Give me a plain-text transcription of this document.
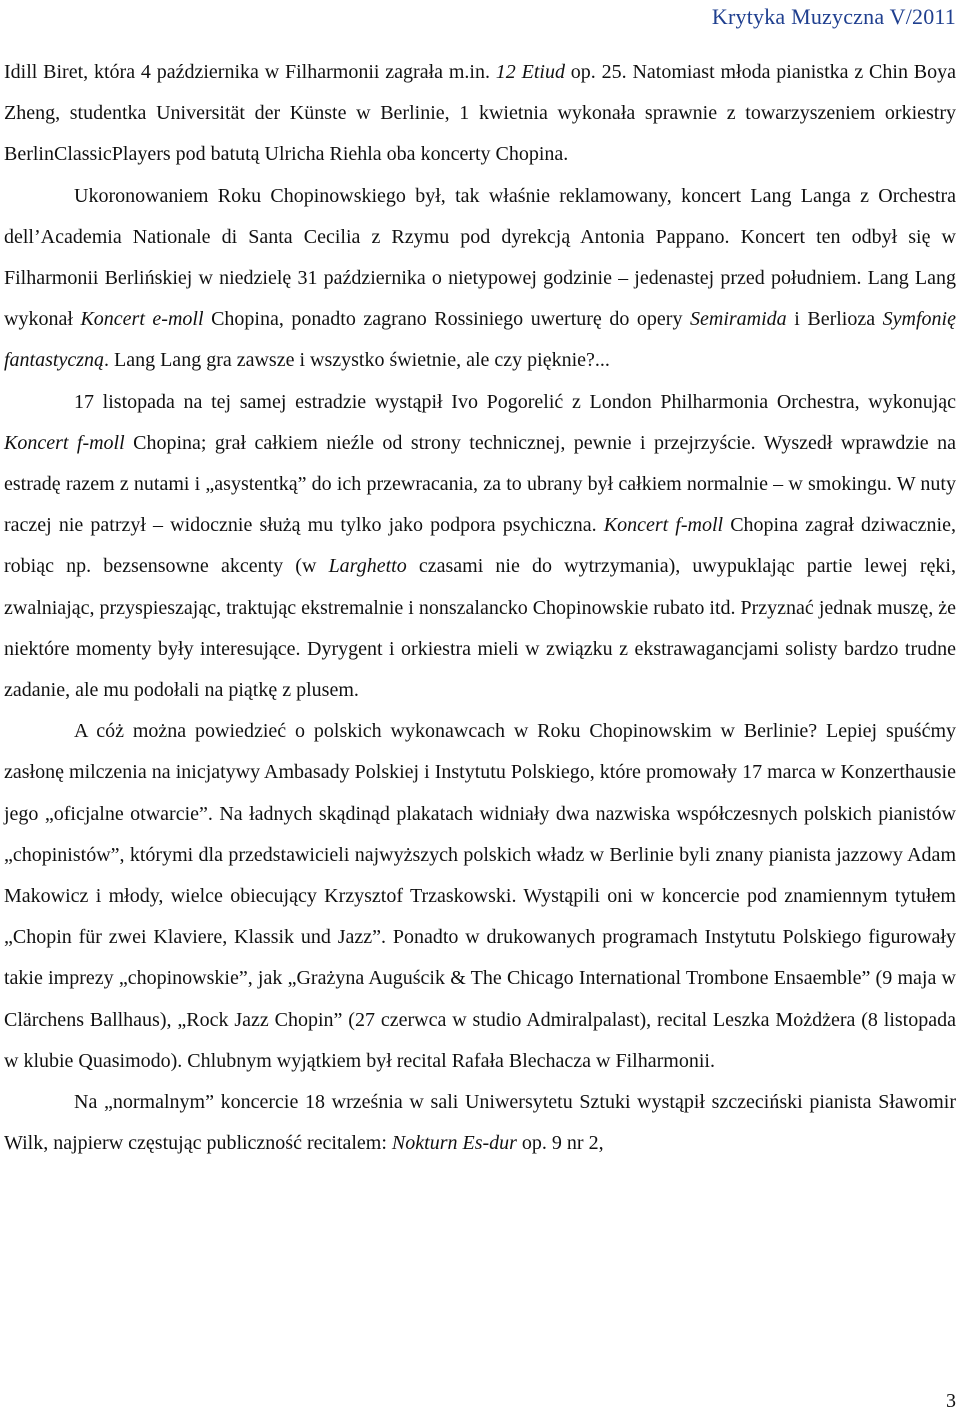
Krytyka Muzyczna V/2011

Idill Biret, która 4 października w Filharmonii zagrała m.in. 12 Etiud op. 25. Natomiast młoda pianistka z Chin Boya Zheng, studentka Universität der Künste w Berlinie, 1 kwietnia wykonała sprawnie z towarzyszeniem orkiestry BerlinClassicPlayers pod batutą Ulricha Riehla oba koncerty Chopina.

Ukoronowaniem Roku Chopinowskiego był, tak właśnie reklamowany, koncert Lang Langa z Orchestra dell’Academia Nationale di Santa Cecilia z Rzymu pod dyrekcją Antonia Pappano. Koncert ten odbył się w Filharmonii Berlińskiej w niedzielę 31 października o nietypowej godzinie – jedenastej przed południem. Lang Lang wykonał Koncert e-moll Chopina, ponadto zagrano Rossiniego uwerturę do opery Semiramida i Berlioza Symfonię fantastyczną. Lang Lang gra zawsze i wszystko świetnie, ale czy pięknie?...

17 listopada na tej samej estradzie wystąpił Ivo Pogorelić z London Philharmonia Orchestra, wykonując Koncert f-moll Chopina; grał całkiem nieźle od strony technicznej, pewnie i przejrzyście. Wyszedł wprawdzie na estradę razem z nutami i „asystentką” do ich przewracania, za to ubrany był całkiem normalnie – w smokingu. W nuty raczej nie patrzył – widocznie służą mu tylko jako podpora psychiczna. Koncert f-moll Chopina zagrał dziwacznie, robiąc np. bezsensowne akcenty (w Larghetto czasami nie do wytrzymania), uwypuklając partie lewej ręki, zwalniając, przyspieszając, traktując ekstremalnie i nonszalancko Chopinowskie rubato itd. Przyznać jednak muszę, że niektóre momenty były interesujące. Dyrygent i orkiestra mieli w związku z ekstrawagancjami solisty bardzo trudne zadanie, ale mu podołali na piątkę z plusem.

A cóż można powiedzieć o polskich wykonawcach w Roku Chopinowskim w Berlinie? Lepiej spuśćmy zasłonę milczenia na inicjatywy Ambasady Polskiej i Instytutu Polskiego, które promowały 17 marca w Konzerthausie jego „oficjalne otwarcie”. Na ładnych skądinąd plakatach widniały dwa nazwiska współczesnych polskich pianistów „chopinistów”, którymi dla przedstawicieli najwyższych polskich władz w Berlinie byli znany pianista jazzowy Adam Makowicz i młody, wielce obiecujący Krzysztof Trzaskowski. Wystąpili oni w koncercie pod znamiennym tytułem „Chopin für zwei Klaviere, Klassik und Jazz”. Ponadto w drukowanych programach Instytutu Polskiego figurowały takie imprezy „chopinowskie”, jak „Grażyna Auguścik & The Chicago International Trombone Ensaemble” (9 maja w Clärchens Ballhaus), „Rock Jazz Chopin” (27 czerwca w studio Admiralpalast), recital Leszka Możdżera (8 listopada w klubie Quasimodo). Chlubnym wyjątkiem był recital Rafała Blechacza w Filharmonii.

Na „normalnym” koncercie 18 września w sali Uniwersytetu Sztuki wystąpił szczeciński pianista Sławomir Wilk, najpierw częstując publiczność recitalem: Nokturn Es-dur op. 9 nr 2,

3
